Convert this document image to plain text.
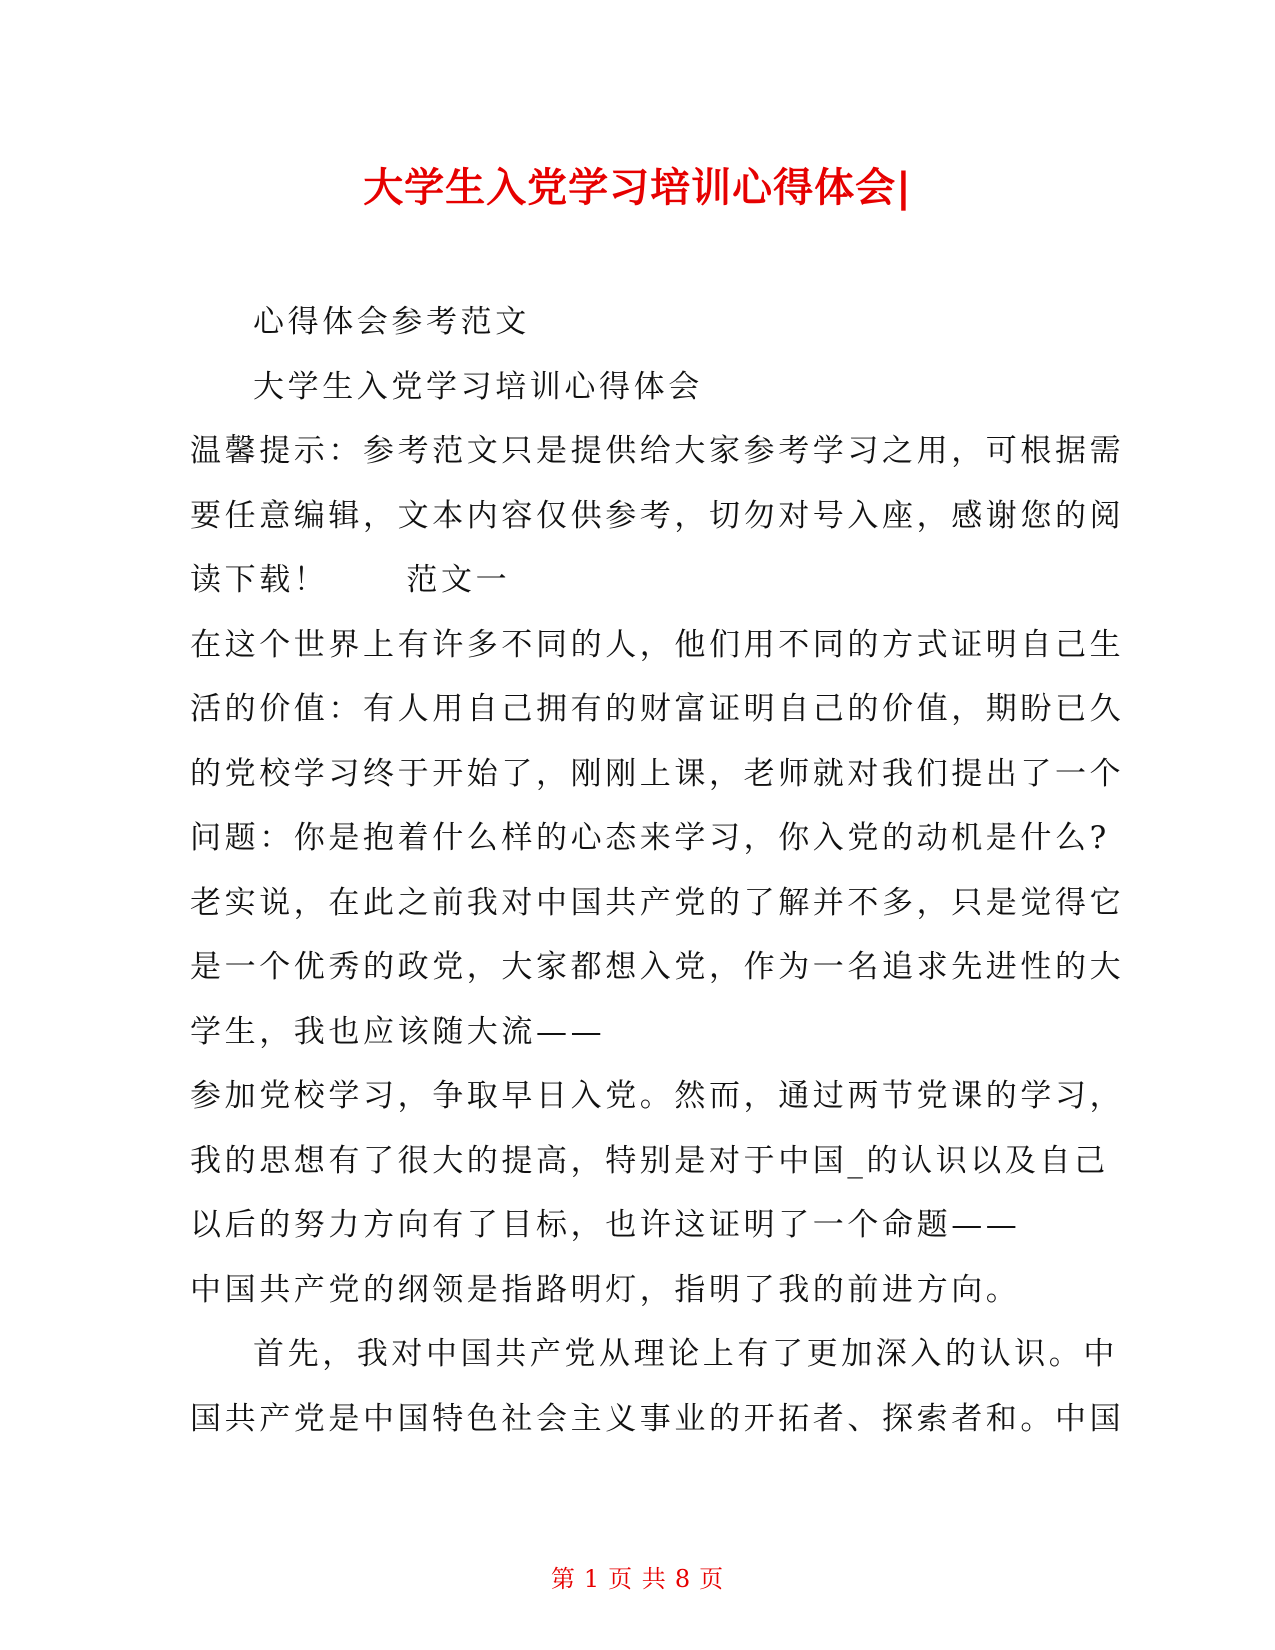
大学生入党学习培训心得体会|

心得体会参考范文

大学生入党学习培训心得体会

温馨提示：参考范文只是提供给大家参考学习之用，可根据需

要任意编辑，文本内容仅供参考，切勿对号入座，感谢您的阅

读下载！	范文一

在这个世界上有许多不同的人，他们用不同的方式证明自己生

活的价值：有人用自己拥有的财富证明自己的价值，期盼已久

的党校学习终于开始了，刚刚上课，老师就对我们提出了一个

问题：你是抱着什么样的心态来学习，你入党的动机是什么?

老实说，在此之前我对中国共产党的了解并不多，只是觉得它

是一个优秀的政党，大家都想入党，作为一名追求先进性的大

学生，我也应该随大流——

参加党校学习，争取早日入党。然而，通过两节党课的学习，

我的思想有了很大的提高，特别是对于中国_的认识以及自己

以后的努力方向有了目标，也许这证明了一个命题——

中国共产党的纲领是指路明灯，指明了我的前进方向。

首先，我对中国共产党从理论上有了更加深入的认识。中

国共产党是中国特色社会主义事业的开拓者、探索者和。中国

第 1 页 共 8 页
